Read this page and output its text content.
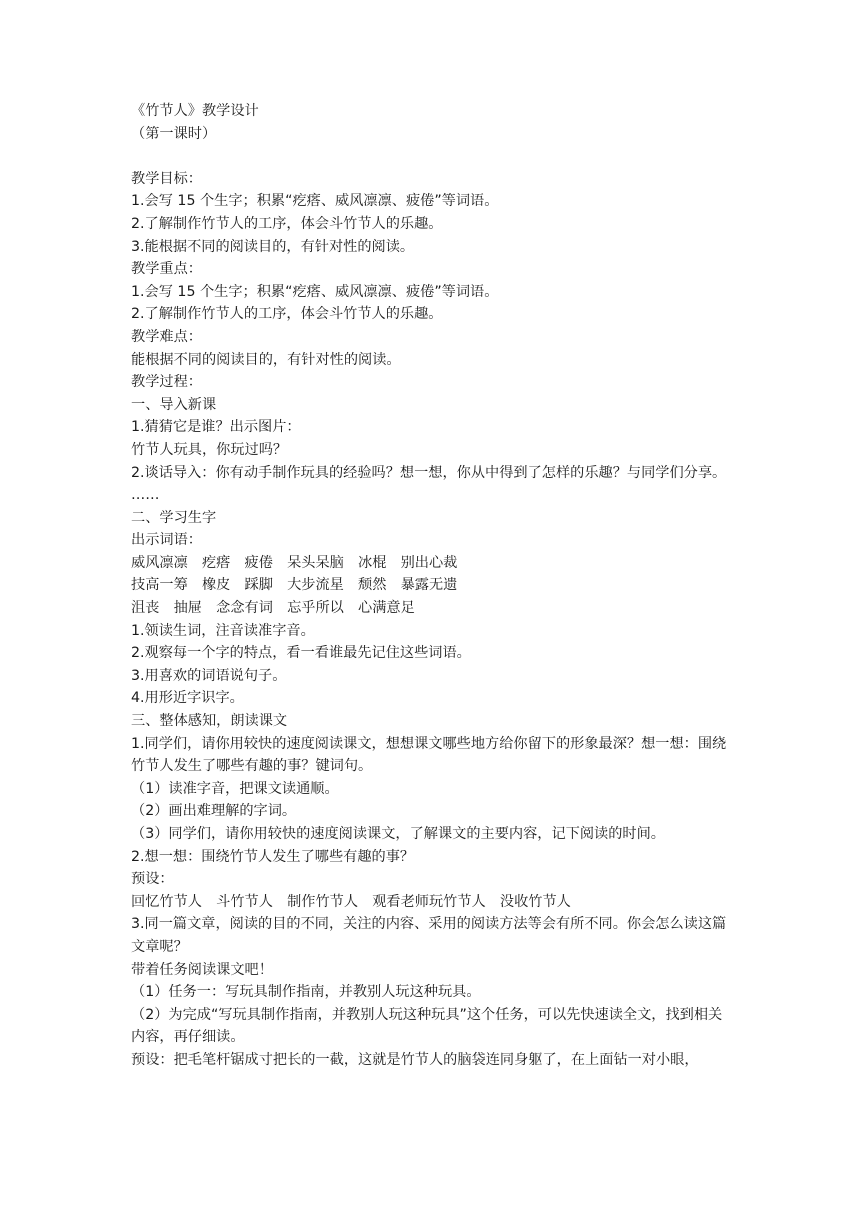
《竹节人》教学设计

（第一课时）

教学目标：

1.会写 15 个生字；积累“疙瘩、威风凛凛、疲倦”等词语。

2.了解制作竹节人的工序，体会斗竹节人的乐趣。

3.能根据不同的阅读目的，有针对性的阅读。

教学重点：

1.会写 15 个生字；积累“疙瘩、威风凛凛、疲倦”等词语。

2.了解制作竹节人的工序，体会斗竹节人的乐趣。

教学难点：

能根据不同的阅读目的，有针对性的阅读。

教学过程：

一、导入新课

1.猜猜它是谁？出示图片：

竹节人玩具，你玩过吗？

2.谈话导入：你有动手制作玩具的经验吗？想一想，你从中得到了怎样的乐趣？与同学们分享。

……

二、学习生字

出示词语：

威风凛凛　疙瘩　疲倦　呆头呆脑　冰棍　别出心裁

技高一筹　橡皮　踩脚　大步流星　颓然　暴露无遗

沮丧　抽屉　念念有词　忘乎所以　心满意足

1.领读生词，注音读准字音。

2.观察每一个字的特点，看一看谁最先记住这些词语。

3.用喜欢的词语说句子。

4.用形近字识字。

三、整体感知，朗读课文

1.同学们，请你用较快的速度阅读课文，想想课文哪些地方给你留下的形象最深？想一想：围绕竹节人发生了哪些有趣的事？键词句。

（1）读准字音，把课文读通顺。

（2）画出难理解的字词。

（3）同学们，请你用较快的速度阅读课文，了解课文的主要内容，记下阅读的时间。

2.想一想：围绕竹节人发生了哪些有趣的事？

预设：

回忆竹节人　斗竹节人　制作竹节人　观看老师玩竹节人　没收竹节人

3.同一篇文章，阅读的目的不同，关注的内容、采用的阅读方法等会有所不同。你会怎么读这篇文章呢？

带着任务阅读课文吧！

（1）任务一：写玩具制作指南，并教别人玩这种玩具。

（2）为完成“写玩具制作指南，并教别人玩这种玩具”这个任务，可以先快速读全文，找到相关内容，再仔细读。

预设：把毛笔杆锯成寸把长的一截，这就是竹节人的脑袋连同身躯了，在上面钻一对小眼，
